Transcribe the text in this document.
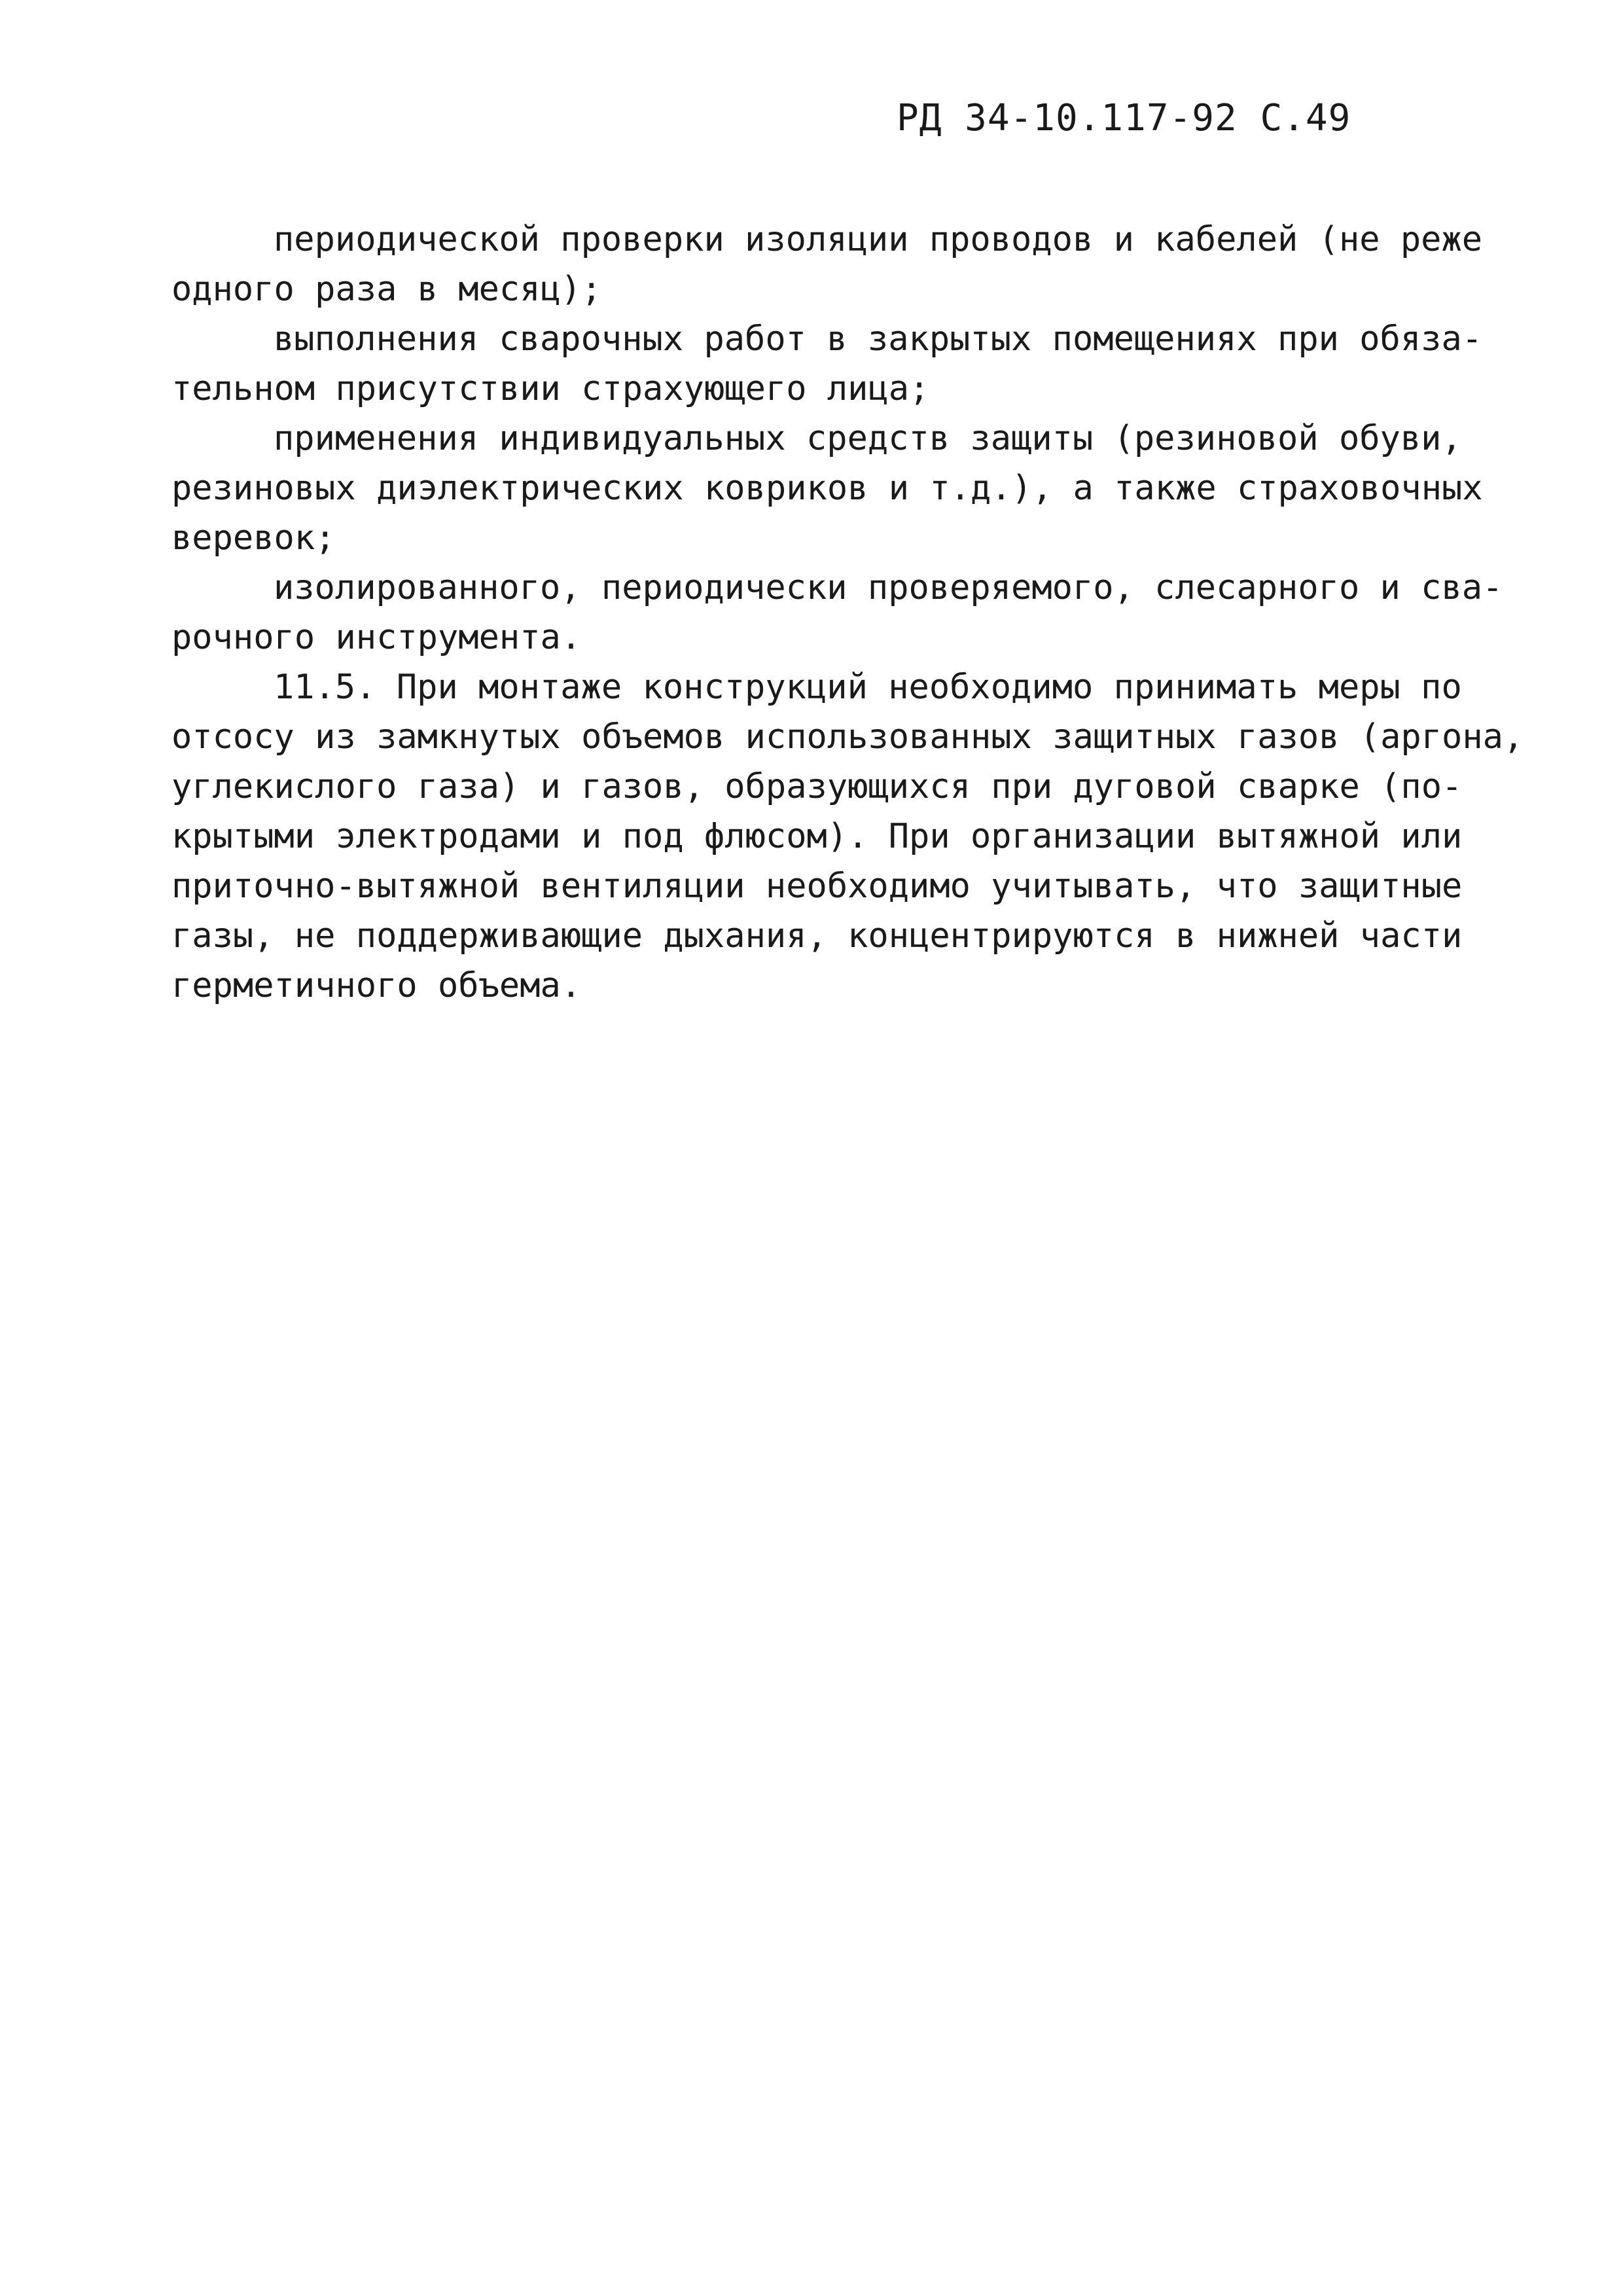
РД 34-10.117-92 С.49
периодической проверки изоляции проводов и кабелей (не реже
одного раза в месяц);
выполнения сварочных работ в закрытых помещениях при обяза-
тельном присутствии страхующего лица;
применения индивидуальных средств защиты (резиновой обуви,
резиновых диэлектрических ковриков и т.д.), а также страховочных
веревок;
изолированного, периодически проверяемого, слесарного и сва-
рочного инструмента.
11.5. При монтаже конструкций необходимо принимать меры по
отсосу из замкнутых объемов использованных защитных газов (аргона,
углекислого газа) и газов, образующихся при дуговой сварке (по-
крытыми электродами и под флюсом). При организации вытяжной или
приточно-вытяжной вентиляции необходимо учитывать, что защитные
газы, не поддерживающие дыхания, концентрируются в нижней части
герметичного объема.
